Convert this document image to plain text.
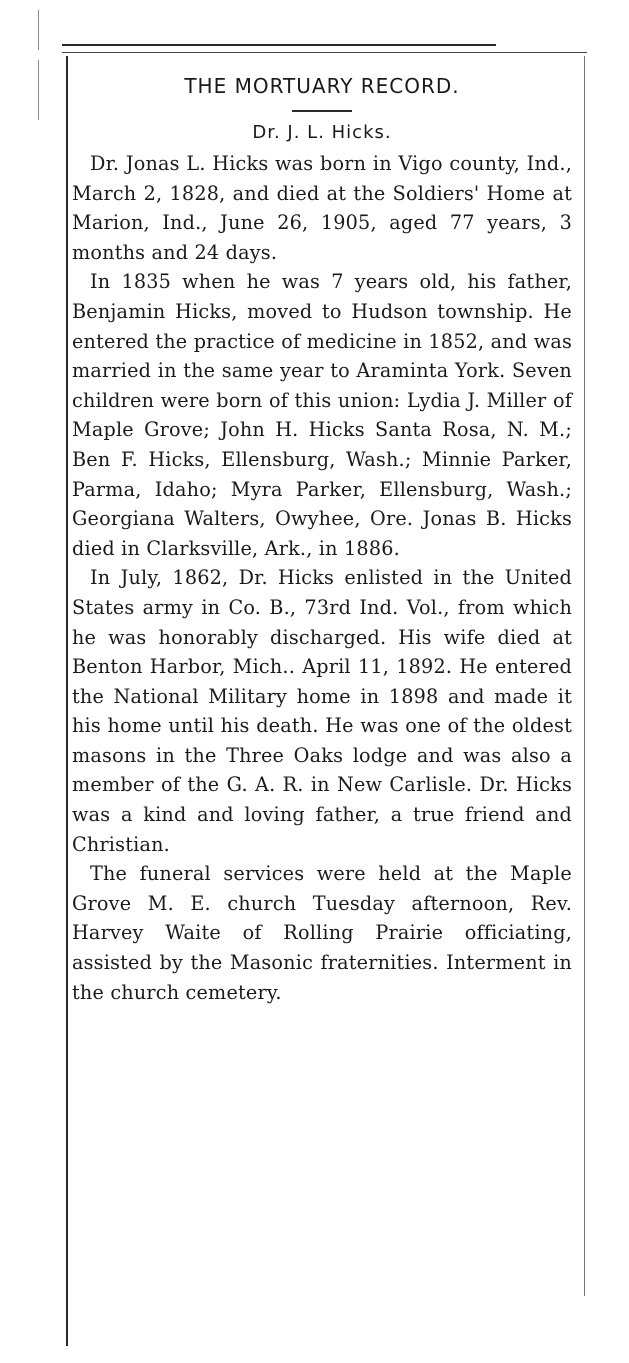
THE MORTUARY RECORD.
Dr. J. L. Hicks.

Dr. Jonas L. Hicks was born in Vigo county, Ind., March 2, 1828, and died at the Soldiers' Home at Marion, Ind., June 26, 1905, aged 77 years, 3 months and 24 days.

In 1835 when he was 7 years old, his father, Benjamin Hicks, moved to Hudson township. He entered the practice of medicine in 1852, and was married in the same year to Araminta York. Seven children were born of this union: Lydia J. Miller of Maple Grove; John H. Hicks Santa Rosa, N. M.; Ben F. Hicks, Ellensburg, Wash.; Minnie Parker, Parma, Idaho; Myra Parker, Ellensburg, Wash.; Georgiana Walters, Owyhee, Ore. Jonas B. Hicks died in Clarksville, Ark., in 1886.

In July, 1862, Dr. Hicks enlisted in the United States army in Co. B., 73rd Ind. Vol., from which he was honorably discharged. His wife died at Benton Harbor, Mich.. April 11, 1892. He entered the National Military home in 1898 and made it his home until his death. He was one of the oldest masons in the Three Oaks lodge and was also a member of the G. A. R. in New Carlisle. Dr. Hicks was a kind and loving father, a true friend and Christian.

The funeral services were held at the Maple Grove M. E. church Tuesday afternoon, Rev. Harvey Waite of Rolling Prairie officiating, assisted by the Masonic fraternities. Interment in the church cemetery.
